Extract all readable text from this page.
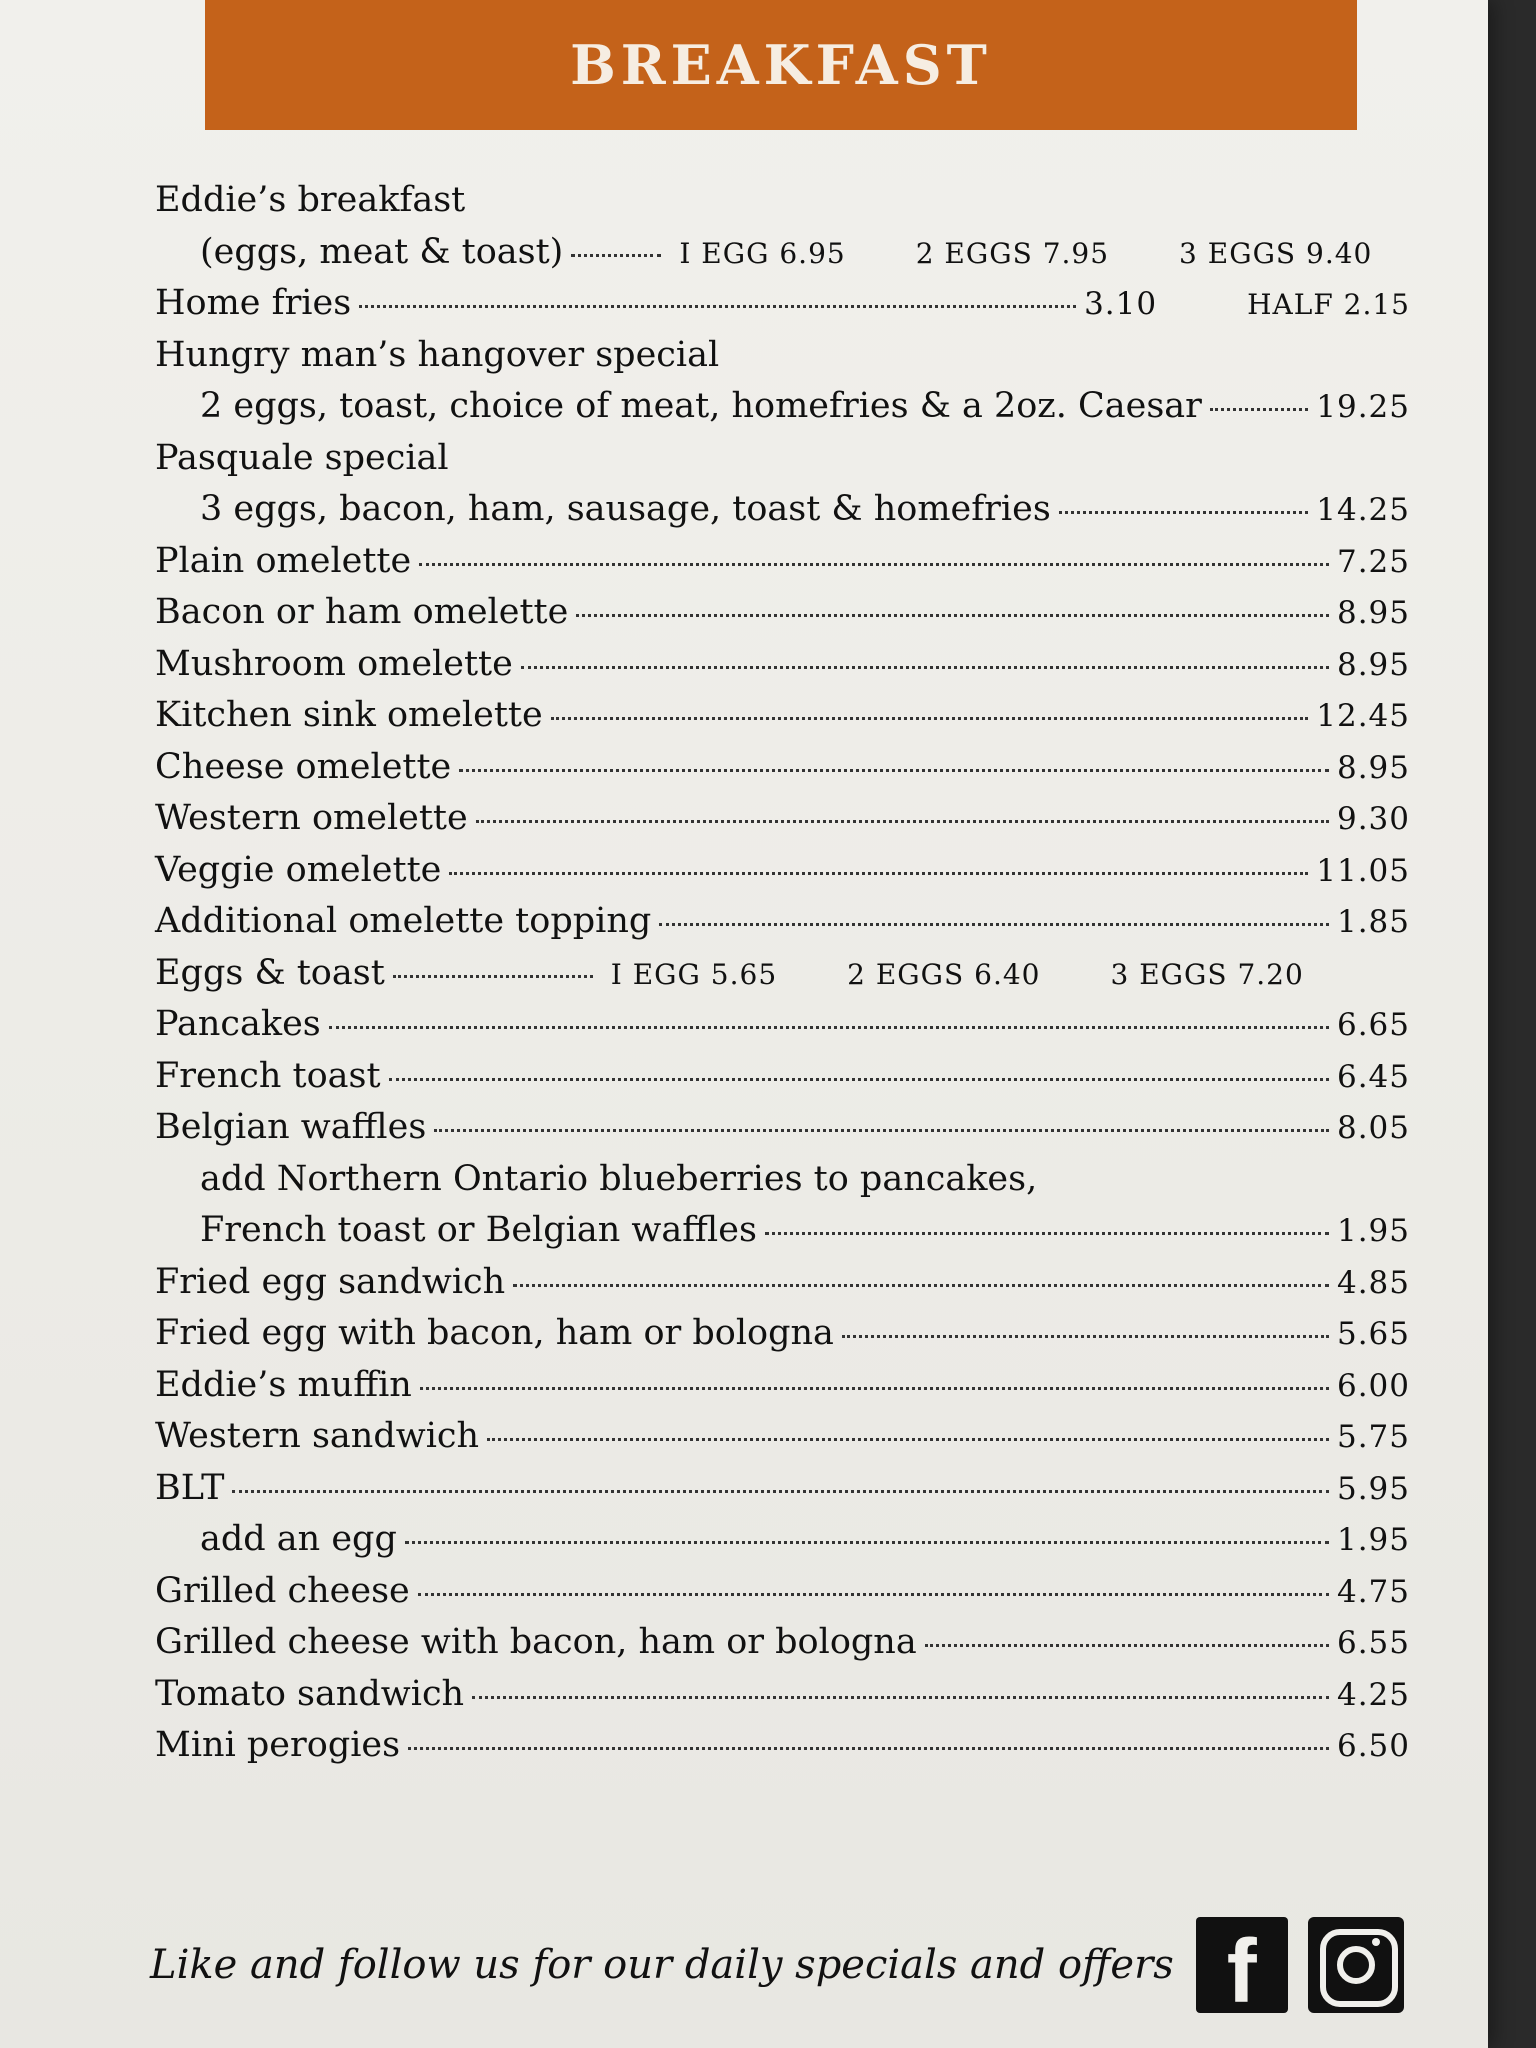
BREAKFAST
Eddie’s breakfast
(eggs, meat & toast)	I EGG 6.95	2 EGGS 7.95	3 EGGS 9.40
Home fries	3.10	HALF 2.15
Hungry man’s hangover special
2 eggs, toast, choice of meat, homefries & a 2oz. Caesar	19.25
Pasquale special
3 eggs, bacon, ham, sausage, toast & homefries	14.25
Plain omelette	7.25
Bacon or ham omelette	8.95
Mushroom omelette	8.95
Kitchen sink omelette	12.45
Cheese omelette	8.95
Western omelette	9.30
Veggie omelette	11.05
Additional omelette topping	1.85
Eggs & toast	I EGG 5.65	2 EGGS 6.40	3 EGGS 7.20
Pancakes	6.65
French toast	6.45
Belgian waffles	8.05
add Northern Ontario blueberries to pancakes,
French toast or Belgian waffles	1.95
Fried egg sandwich	4.85
Fried egg with bacon, ham or bologna	5.65
Eddie’s muffin	6.00
Western sandwich	5.75
BLT	5.95
add an egg	1.95
Grilled cheese	4.75
Grilled cheese with bacon, ham or bologna	6.55
Tomato sandwich	4.25
Mini perogies	6.50
Like and follow us for our daily specials and offers f
